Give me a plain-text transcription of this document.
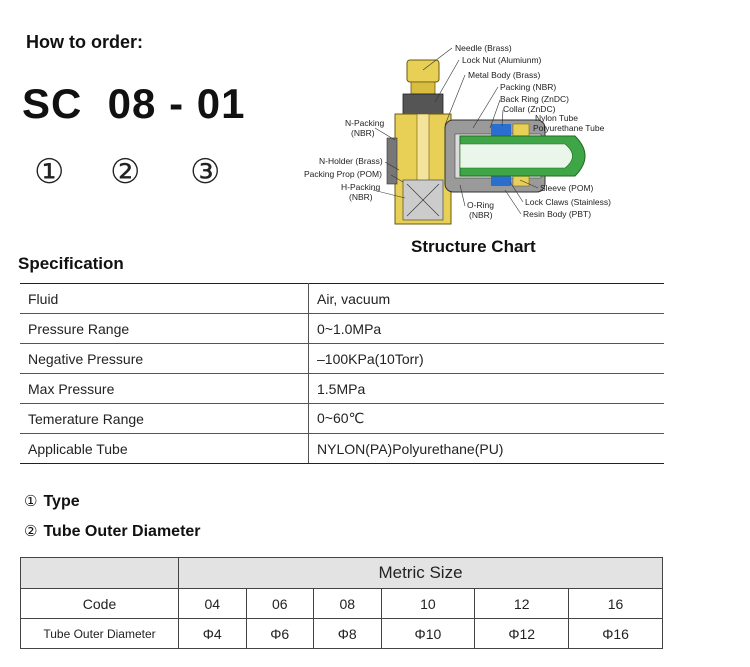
How to order:
SC  08 - 01
① ② ③
Needle (Brass)
Lock Nut (Alumiunm)
Metal Body (Brass)
Packing (NBR)
Back Ring (ZnDC)
Collar (ZnDC)
Nylon Tube
Polyurethane Tube
Sleeve (POM)
Lock Claws (Stainless)
Resin Body (PBT)
N-Packing
(NBR)
N-Holder (Brass)
Packing Prop (POM)
H-Packing
(NBR)
O-Ring
(NBR)
Structure Chart
Specification
Fluid	Air, vacuum
Pressure Range	0~1.0MPa
Negative Pressure	–100KPa(10Torr)
Max Pressure	1.5MPa
Temeraturе Range	0~60℃
Applicable Tube	NYLON(PA)Polyurethane(PU)
① Type
② Tube Outer Diameter
	Metric Size					
Code	04	06	08	10	12	16
Tube Outer Diameter	Φ4	Φ6	Φ8	Φ10	Φ12	Φ16
